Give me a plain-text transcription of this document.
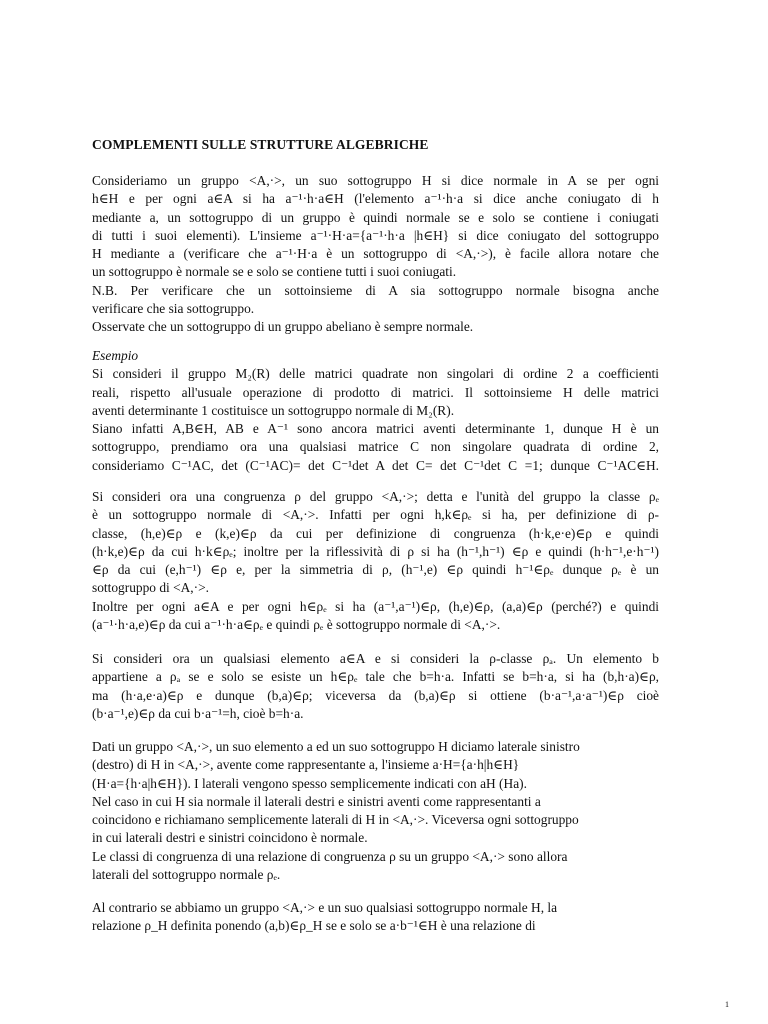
COMPLEMENTI SULLE STRUTTURE ALGEBRICHE
Consideriamo un gruppo <A,·>, un suo sottogruppo H si dice normale in A se per ogni
h∈H e per ogni a∈A si ha a⁻¹·h·a∈H (l'elemento a⁻¹·h·a si dice anche coniugato di h
mediante a, un sottogruppo di un gruppo è quindi normale se e solo se contiene i coniugati
di tutti i suoi elementi). L'insieme a⁻¹·H·a={a⁻¹·h·a |h∈H} si dice coniugato del sottogruppo
H mediante a (verificare che a⁻¹·H·a è un sottogruppo di <A,·>), è facile allora notare che
un sottogruppo è normale se e solo se contiene tutti i suoi coniugati.
N.B. Per verificare che un sottoinsieme di A sia sottogruppo normale bisogna anche
verificare che sia sottogruppo.
Osservate che un sottogruppo di un gruppo abeliano è sempre normale.
Esempio
Si consideri il gruppo M₂(R) delle matrici quadrate non singolari di ordine 2 a coefficienti
reali, rispetto all'usuale operazione di prodotto di matrici. Il sottoinsieme H delle matrici
aventi determinante 1 costituisce un sottogruppo normale di M₂(R).
Siano infatti A,B∈H, AB e A⁻¹ sono ancora matrici aventi determinante 1, dunque H è un
sottogruppo, prendiamo ora una qualsiasi matrice C non singolare quadrata di ordine 2,
consideriamo C⁻¹AC, det (C⁻¹AC)= det C⁻¹det A det C= det C⁻¹det C =1; dunque C⁻¹AC∈H.
Si consideri ora una congruenza ρ del gruppo <A,·>; detta e l'unità del gruppo la classe ρₑ
è un sottogruppo normale di <A,·>. Infatti per ogni h,k∈ρₑ si ha, per definizione di ρ-
classe, (h,e)∈ρ e (k,e)∈ρ da cui per definizione di congruenza (h·k,e·e)∈ρ e quindi
(h·k,e)∈ρ da cui h·k∈ρₑ; inoltre per la riflessività di ρ si ha (h⁻¹,h⁻¹) ∈ρ e quindi (h·h⁻¹,e·h⁻¹)
∈ρ da cui (e,h⁻¹) ∈ρ e, per la simmetria di ρ, (h⁻¹,e) ∈ρ quindi h⁻¹∈ρₑ dunque ρₑ è un
sottogruppo di <A,·>.
Inoltre per ogni a∈A e per ogni h∈ρₑ si ha (a⁻¹,a⁻¹)∈ρ, (h,e)∈ρ, (a,a)∈ρ (perché?) e quindi
(a⁻¹·h·a,e)∈ρ da cui a⁻¹·h·a∈ρₑ e quindi ρₑ è sottogruppo normale di <A,·>.
Si consideri ora un qualsiasi elemento a∈A e si consideri la ρ-classe ρₐ. Un elemento b
appartiene a ρₐ se e solo se esiste un h∈ρₑ tale che b=h·a. Infatti se b=h·a, si ha (b,h·a)∈ρ,
ma (h·a,e·a)∈ρ e dunque (b,a)∈ρ; viceversa da (b,a)∈ρ si ottiene (b·a⁻¹,a·a⁻¹)∈ρ cioè
(b·a⁻¹,e)∈ρ da cui b·a⁻¹=h, cioè b=h·a.
Dati un gruppo <A,·>, un suo elemento a ed un suo sottogruppo H diciamo laterale sinistro
(destro) di H in <A,·>, avente come rappresentante a, l'insieme a·H={a·h|h∈H}
(H·a={h·a|h∈H}). I laterali vengono spesso semplicemente indicati con aH (Ha).
Nel caso in cui H sia normale il laterali destri e sinistri aventi come rappresentanti a
coincidono e richiamano semplicemente laterali di H in <A,·>. Viceversa ogni sottogruppo
in cui laterali destri e sinistri coincidono è normale.
Le classi di congruenza di una relazione di congruenza ρ su un gruppo <A,·> sono allora
laterali del sottogruppo normale ρₑ.
Al contrario se abbiamo un gruppo <A,·> e un suo qualsiasi sottogruppo normale H, la
relazione ρ_H definita ponendo (a,b)∈ρ_H se e solo se a·b⁻¹∈H è una relazione di
1
